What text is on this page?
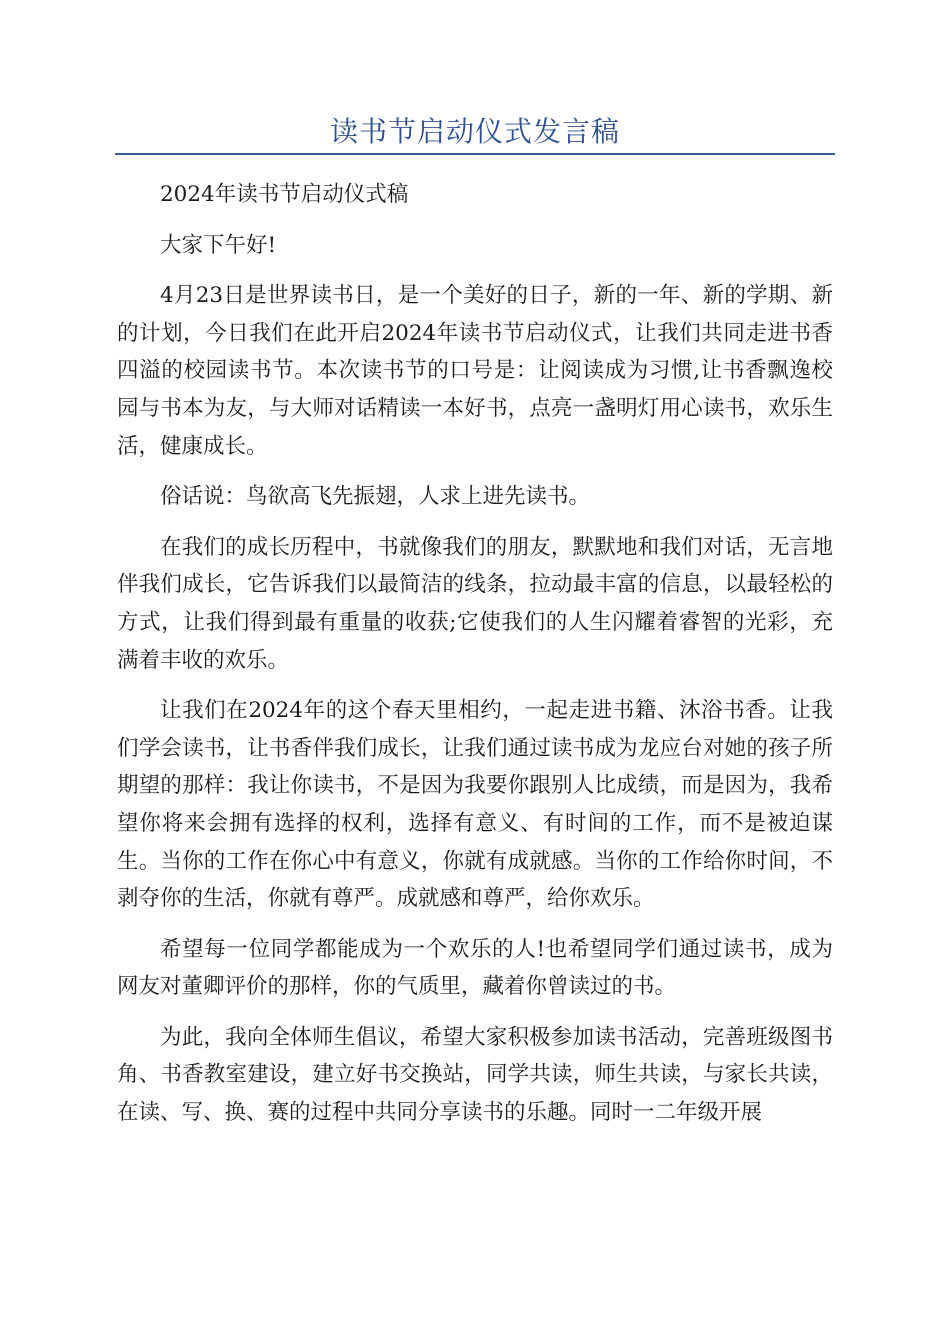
读书节启动仪式发言稿

2024年读书节启动仪式稿

大家下午好!

4月23日是世界读书日，是一个美好的日子，新的一年、新的学期、新的计划，今日我们在此开启2024年读书节启动仪式，让我们共同走进书香四溢的校园读书节。本次读书节的口号是：让阅读成为习惯,让书香飘逸校园与书本为友，与大师对话精读一本好书，点亮一盏明灯用心读书，欢乐生活，健康成长。

俗话说：鸟欲高飞先振翅，人求上进先读书。

在我们的成长历程中，书就像我们的朋友，默默地和我们对话，无言地伴我们成长，它告诉我们以最简洁的线条，拉动最丰富的信息，以最轻松的方式，让我们得到最有重量的收获;它使我们的人生闪耀着睿智的光彩，充满着丰收的欢乐。

让我们在2024年的这个春天里相约，一起走进书籍、沐浴书香。让我们学会读书，让书香伴我们成长，让我们通过读书成为龙应台对她的孩子所期望的那样：我让你读书，不是因为我要你跟别人比成绩，而是因为，我希望你将来会拥有选择的权利，选择有意义、有时间的工作，而不是被迫谋生。当你的工作在你心中有意义，你就有成就感。当你的工作给你时间，不剥夺你的生活，你就有尊严。成就感和尊严，给你欢乐。

希望每一位同学都能成为一个欢乐的人!也希望同学们通过读书，成为网友对董卿评价的那样，你的气质里，藏着你曾读过的书。

为此，我向全体师生倡议，希望大家积极参加读书活动，完善班级图书角、书香教室建设，建立好书交换站，同学共读，师生共读，与家长共读，在读、写、换、赛的过程中共同分享读书的乐趣。同时一二年级开展
